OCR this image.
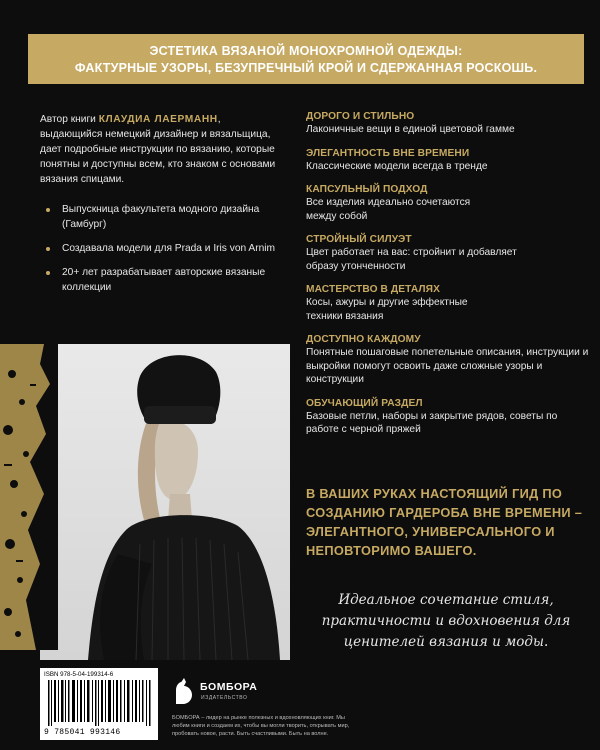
ЭСТЕТИКА ВЯЗАНОЙ МОНОХРОМНОЙ ОДЕЖДЫ:
ФАКТУРНЫЕ УЗОРЫ, БЕЗУПРЕЧНЫЙ КРОЙ И СДЕРЖАННАЯ РОСКОШЬ.
Автор книги КЛАУДИА ЛАЕРМАНН, выдающийся немецкий дизайнер и вязальщица, дает подробные инструкции по вязанию, которые понятны и доступны всем, кто знаком с основами вязания спицами.
Выпускница факультета модного дизайна (Гамбург)
Создавала модели для Prada и Iris von Arnim
20+ лет разрабатывает авторские вязаные коллекции
ДОРОГО И СТИЛЬНО
Лаконичные вещи в единой цветовой гамме
ЭЛЕГАНТНОСТЬ ВНЕ ВРЕМЕНИ
Классические модели всегда в тренде
КАПСУЛЬНЫЙ ПОДХОД
Все изделия идеально сочетаются между собой
СТРОЙНЫЙ СИЛУЭТ
Цвет работает на вас: стройнит и добавляет образу утонченности
МАСТЕРСТВО В ДЕТАЛЯХ
Косы, ажуры и другие эффектные техники вязания
ДОСТУПНО КАЖДОМУ
Понятные пошаговые попетельные описания, инструкции и выкройки помогут освоить даже сложные узоры и конструкции
ОБУЧАЮЩИЙ РАЗДЕЛ
Базовые петли, наборы и закрытие рядов, советы по работе с черной пряжей
В ВАШИХ РУКАХ НАСТОЯЩИЙ ГИД ПО СОЗДАНИЮ ГАРДЕРОБА ВНЕ ВРЕМЕНИ – ЭЛЕГАНТНОГО, УНИВЕРСАЛЬНОГО И НЕПОВТОРИМО ВАШЕГО.
Идеальное сочетание стиля, практичности и вдохновения для ценителей вязания и моды.
ISBN 978-5-04-199314-6
9 785041 993146
БОМБОРА
ИЗДАТЕЛЬСТВО
БОМБОРА – лидер на рынке полезных и вдохновляющих книг. Мы любим книги и создаем их, чтобы вы могли творить, открывать мир, пробовать новое, расти. Быть счастливыми. Быть на волне.
